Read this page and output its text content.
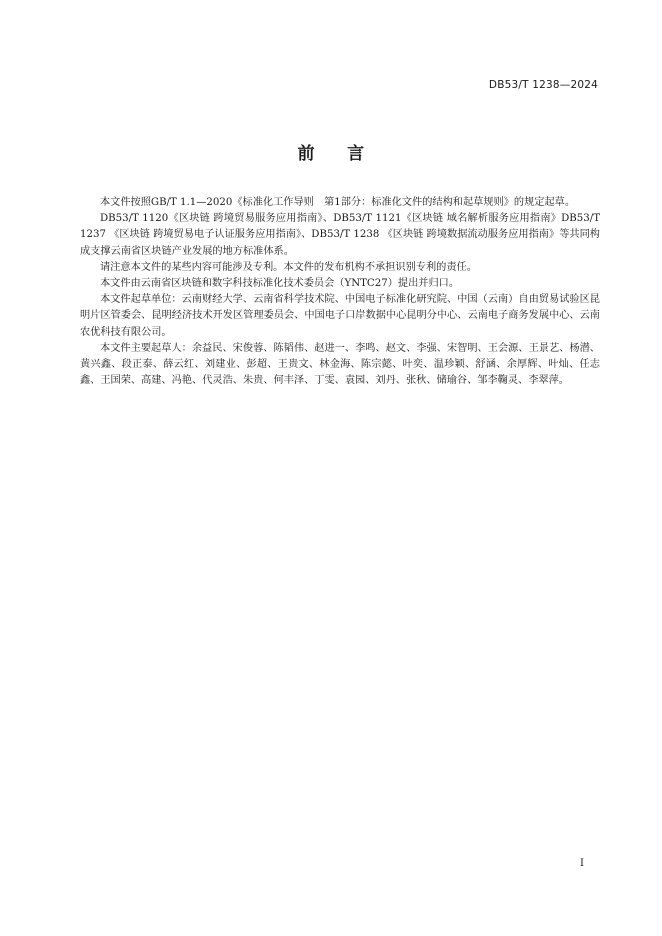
DB53/T 1238—2024
前 言

本文件按照GB/T 1.1—2020《标准化工作导则　第1部分：标准化文件的结构和起草规则》的规定起草。

DB53/T 1120《区块链 跨境贸易服务应用指南》、DB53/T 1121《区块链 域名解析服务应用指南》DB53/T 1237 《区块链 跨境贸易电子认证服务应用指南》、DB53/T 1238 《区块链 跨境数据流动服务应用指南》等共同构成支撑云南省区块链产业发展的地方标准体系。

请注意本文件的某些内容可能涉及专利。本文件的发布机构不承担识别专利的责任。

本文件由云南省区块链和数字科技标准化技术委员会（YNTC27）提出并归口。

本文件起草单位：云南财经大学、云南省科学技术院、中国电子标准化研究院、中国（云南）自由贸易试验区昆明片区管委会、昆明经济技术开发区管理委员会、中国电子口岸数据中心昆明分中心、云南电子商务发展中心、云南农优科技有限公司。

本文件主要起草人：余益民、宋俊蓉、陈韬伟、赵进一、李鸣、赵文、李强、宋智明、王会源、王景艺、杨潜、黄兴鑫、段正泰、薛云红、刘建业、彭超、王贵文、林金海、陈宗懿、叶奕、温珍颖、舒涵、余厚辉、叶灿、任志鑫、王国荣、高建、冯艳、代灵浩、朱贵、何丰泽、丁雯、袁园、刘丹、张秋、储瑜谷、邹李鞠灵、李翠萍。

I
